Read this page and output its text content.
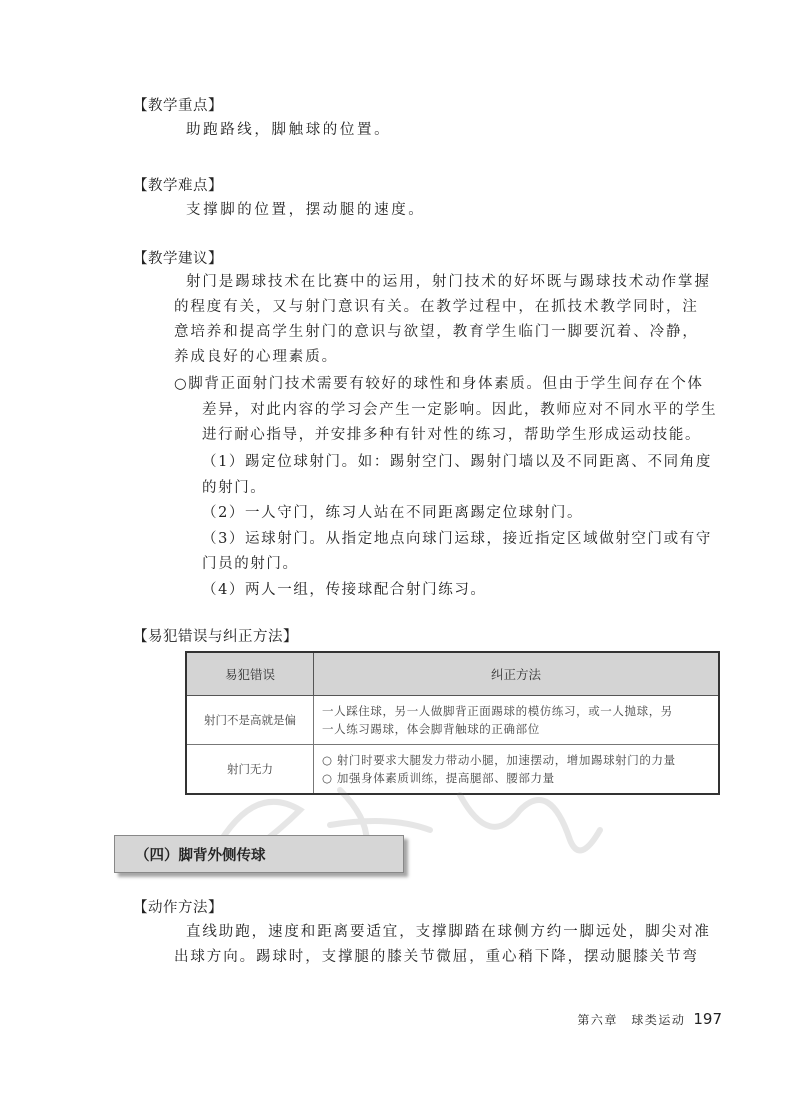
【教学重点】
助跑路线，脚触球的位置。
【教学难点】
支撑脚的位置，摆动腿的速度。
【教学建议】
射门是踢球技术在比赛中的运用，射门技术的好坏既与踢球技术动作掌握
的程度有关，又与射门意识有关。在教学过程中，在抓技术教学同时，注
意培养和提高学生射门的意识与欲望，教育学生临门一脚要沉着、冷静，
养成良好的心理素质。
○脚背正面射门技术需要有较好的球性和身体素质。但由于学生间存在个体
差异，对此内容的学习会产生一定影响。因此，教师应对不同水平的学生
进行耐心指导，并安排多种有针对性的练习，帮助学生形成运动技能。
（1）踢定位球射门。如：踢射空门、踢射门墙以及不同距离、不同角度
的射门。
（2）一人守门，练习人站在不同距离踢定位球射门。
（3）运球射门。从指定地点向球门运球，接近指定区域做射空门或有守
门员的射门。
（4）两人一组，传接球配合射门练习。
【易犯错误与纠正方法】
易犯错误	纠正方法
射门不是高就是偏	一人踩住球，另一人做脚背正面踢球的模仿练习，或一人抛球，另
一人练习踢球，体会脚背触球的正确部位

射门无力	○ 射门时要求大腿发力带动小腿，加速摆动，增加踢球射门的力量
○ 加强身体素质训练，提高腿部、腰部力量
（四）脚背外侧传球
【动作方法】
直线助跑，速度和距离要适宜，支撑脚踏在球侧方约一脚远处，脚尖对准
出球方向。踢球时，支撑腿的膝关节微屈，重心稍下降，摆动腿膝关节弯
第六章　球类运动 197
